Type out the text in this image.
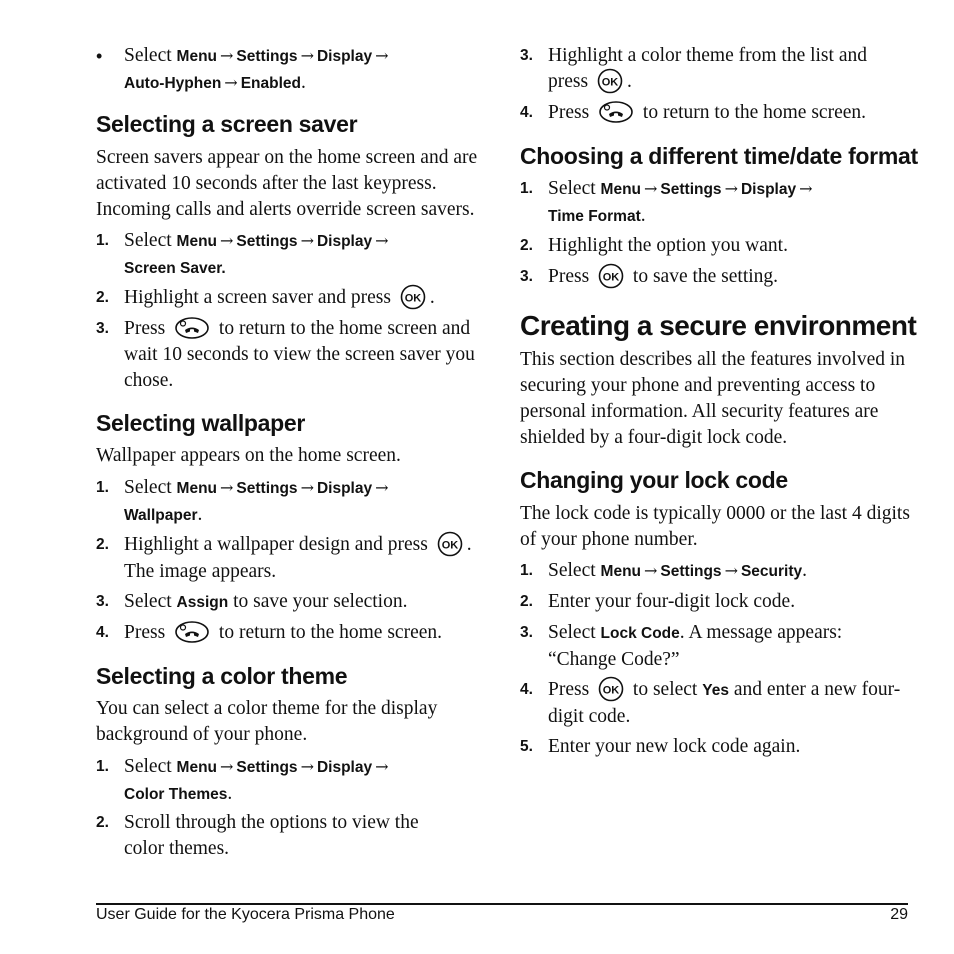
• Select Menu → Settings → Display →
Auto-Hyphen → Enabled.
Selecting a screen saver
Screen savers appear on the home screen and are activated 10 seconds after the last keypress. Incoming calls and alerts override screen savers.
1. Select Menu → Settings → Display →
Screen Saver.
2. Highlight a screen saver and press OK .
3. Press	to return to the home screen and wait 10 seconds to view the screen saver you chose.
Selecting wallpaper
Wallpaper appears on the home screen.
1. Select Menu → Settings → Display →
Wallpaper.
2. Highlight a wallpaper design and press OK .
The image appears.
3. Select Assign to save your selection.
4. Press	to return to the home screen.
Selecting a color theme
You can select a color theme for the display background of your phone.
1. Select Menu → Settings → Display →
Color Themes.
2. Scroll through the options to view the color themes.
3. Highlight a color theme from the list and
press OK .
4. Press	to return to the home screen.
Choosing a different time/date format
1. Select Menu → Settings → Display →
Time Format.
2. Highlight the option you want.
3. Press OK to save the setting.
Creating a secure environment
This section describes all the features involved in securing your phone and preventing access to personal information. All security features are shielded by a four-digit lock code.
Changing your lock code
The lock code is typically 0000 or the last 4 digits of your phone number.
1. Select Menu → Settings → Security.
2. Enter your four-digit lock code.
3. Select Lock Code. A message appears: “Change Code?”
4. Press OK to select Yes and enter a new four-digit code.
5. Enter your new lock code again.
User Guide for the Kyocera Prisma Phone	29
